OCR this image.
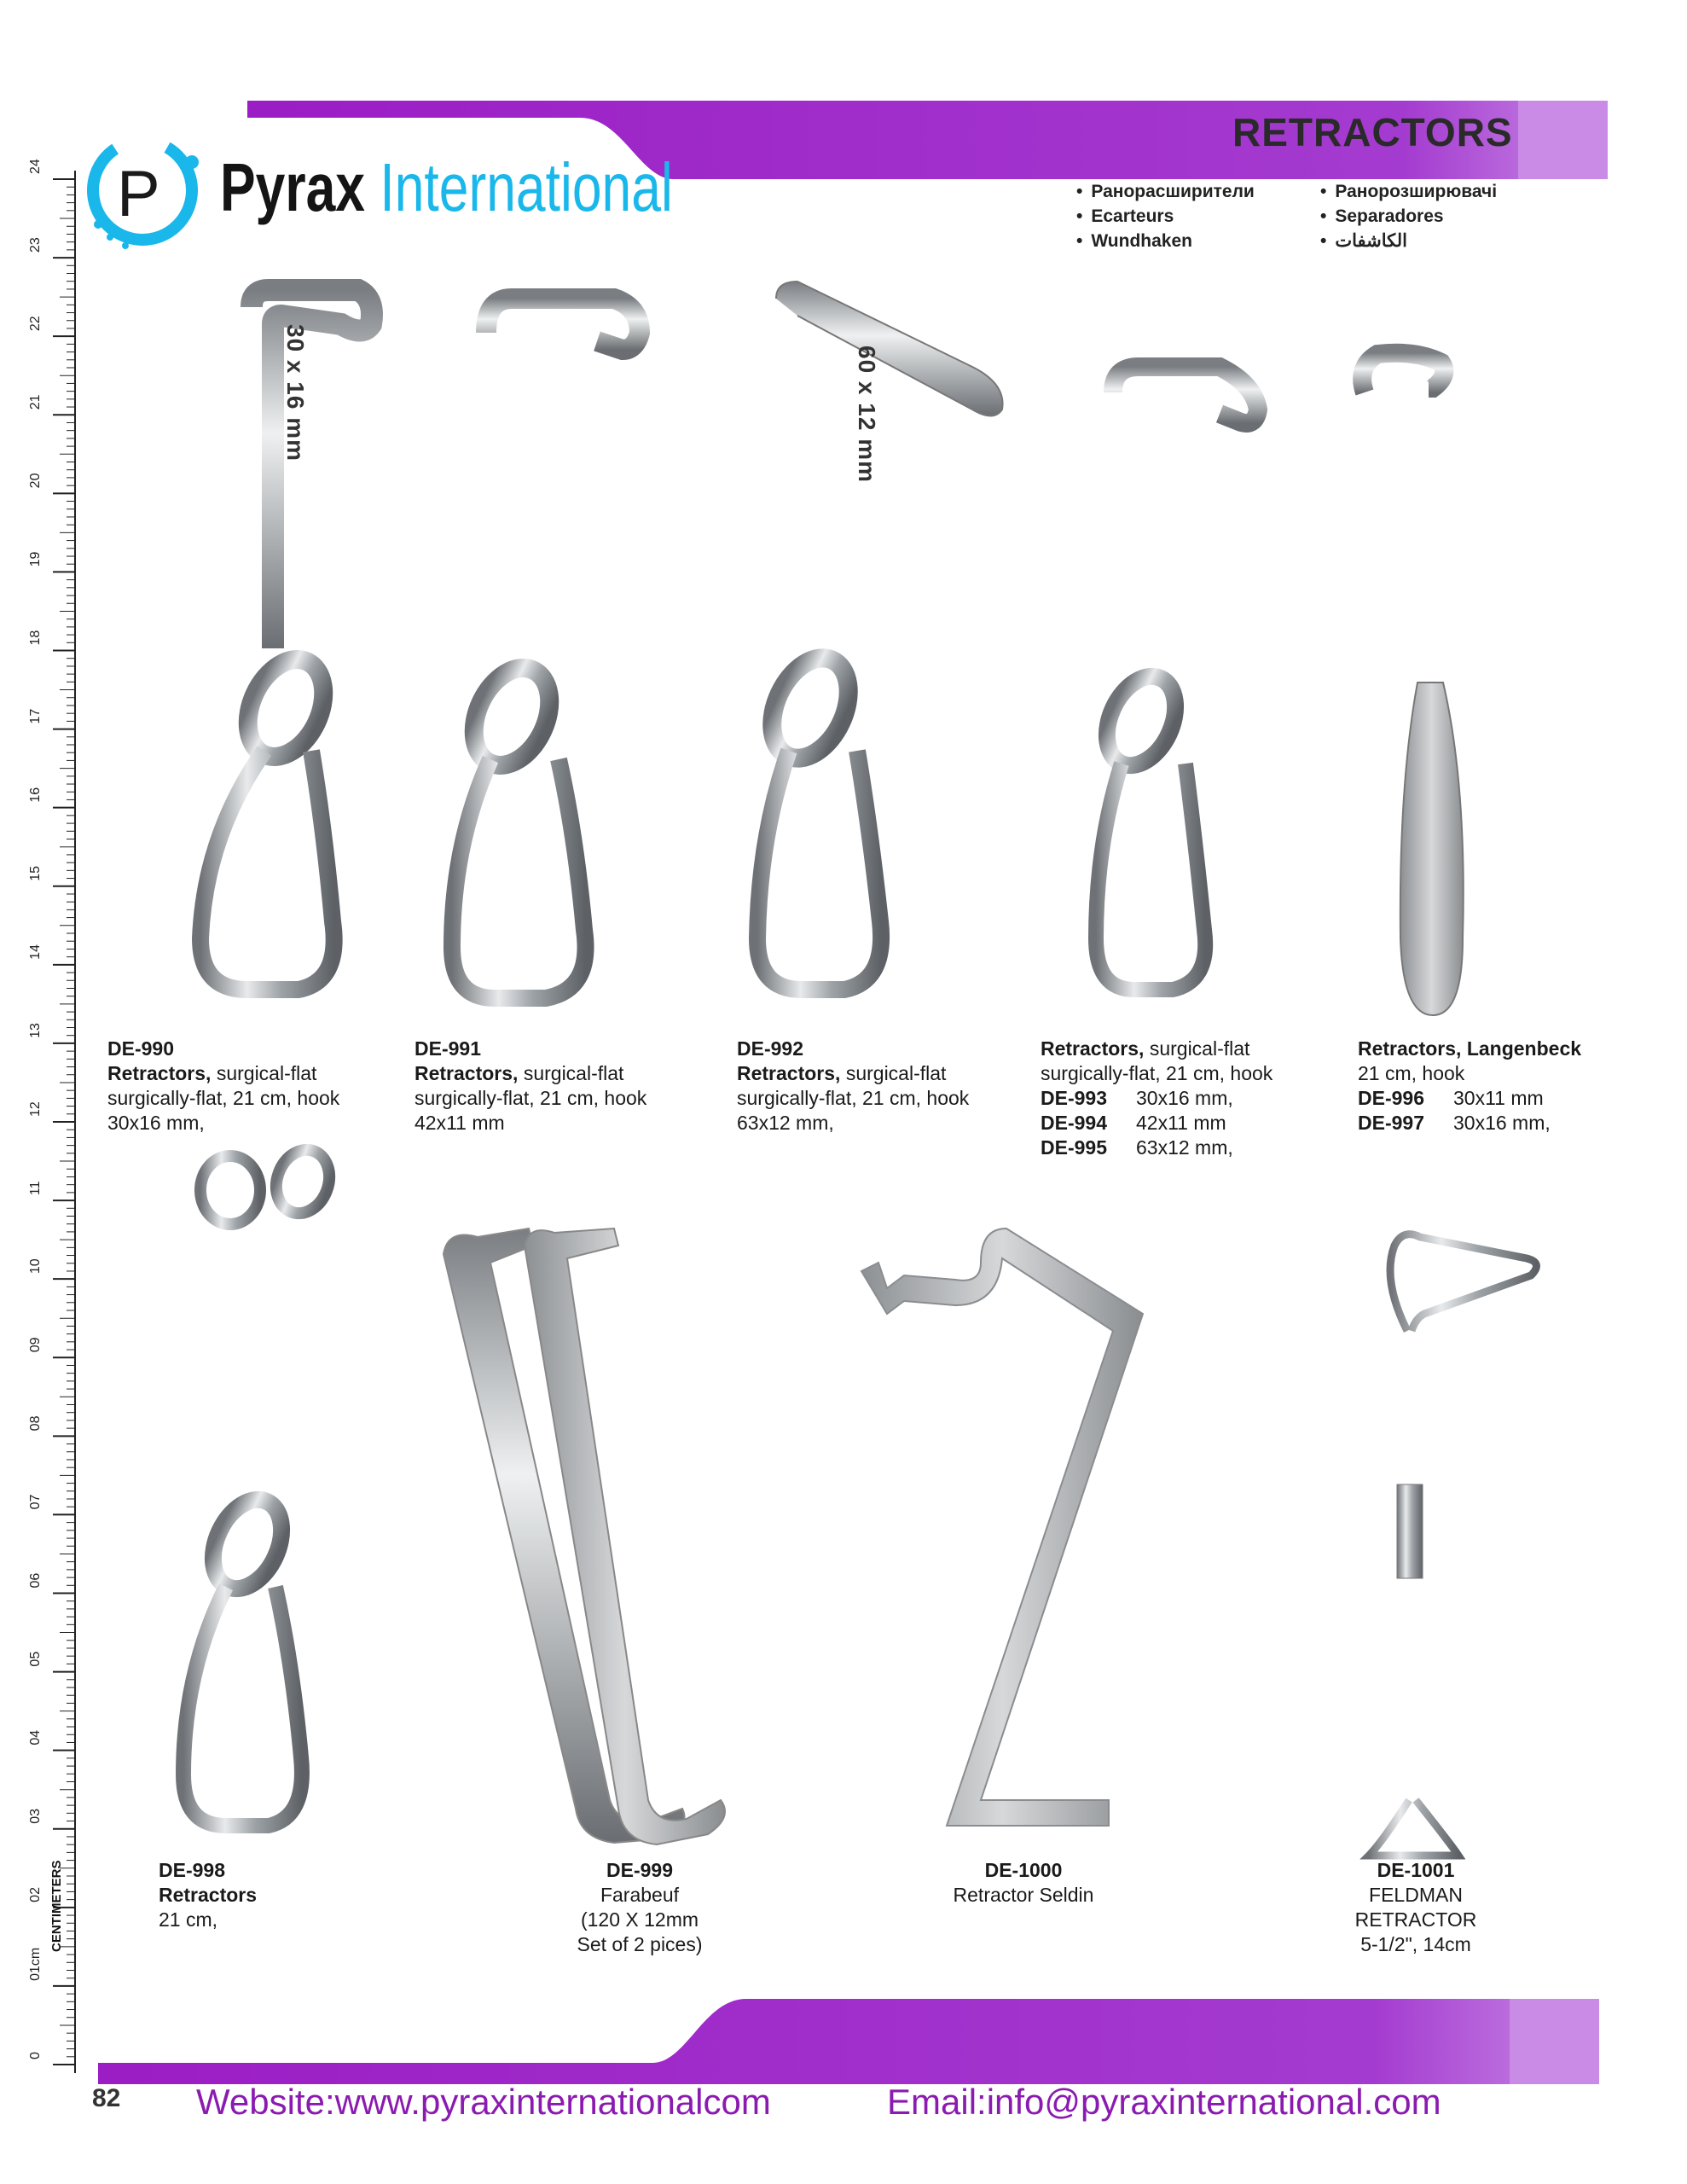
RETRACTORS
P Pyrax International
•	Ранорасширители
• Ecarteurs
• Wundhaken
• Ранорозширювачі
• Separadores
• الكاشفات
0
01cm
02
03
04
05
06
07
08
09
10
11
12
13
14
15
16
17
18
19
20
21
22
23
24
CENTIMETERS
30 x 16 mm	60 x 12 mm
DE-990
Retractors, surgical-flat
surgically-flat, 21 cm, hook
30x16 mm,
DE-991
Retractors, surgical-flat
surgically-flat, 21 cm, hook
42x11 mm
DE-992
Retractors, surgical-flat
surgically-flat, 21 cm, hook
63x12 mm,
Retractors, surgical-flat
surgically-flat, 21 cm, hook
DE-993 30x16 mm,
DE-994 42x11 mm
DE-995 63x12 mm,
Retractors, Langenbeck
21 cm, hook
DE-996 30x11 mm
DE-997 30x16 mm,
DE-998
Retractors
21 cm,
DE-999
Farabeuf
(120 X 12mm
Set of 2 pices)
DE-1000
Retractor Seldin
DE-1001
FELDMAN
RETRACTOR
5-1/2", 14cm
82 Website:www.pyraxinternationalcom	Email:info@pyraxinternational.com
